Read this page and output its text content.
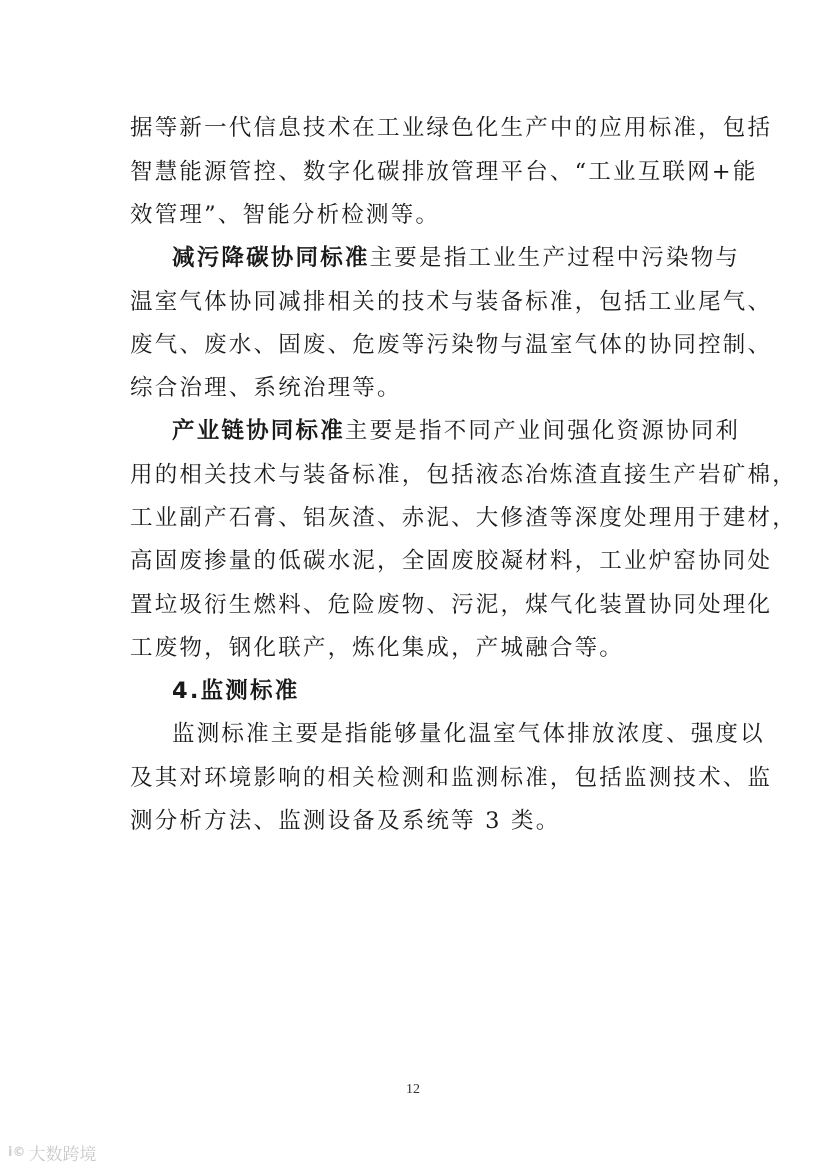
据等新一代信息技术在工业绿色化生产中的应用标准，包括
智慧能源管控、数字化碳排放管理平台、“工业互联网+能
效管理”、智能分析检测等。
减污降碳协同标准主要是指工业生产过程中污染物与
温室气体协同减排相关的技术与装备标准，包括工业尾气、
废气、废水、固废、危废等污染物与温室气体的协同控制、
综合治理、系统治理等。
产业链协同标准主要是指不同产业间强化资源协同利
用的相关技术与装备标准，包括液态冶炼渣直接生产岩矿棉，
工业副产石膏、铝灰渣、赤泥、大修渣等深度处理用于建材，
高固废掺量的低碳水泥，全固废胶凝材料，工业炉窑协同处
置垃圾衍生燃料、危险废物、污泥，煤气化装置协同处理化
工废物，钢化联产，炼化集成，产城融合等。
4.监测标准
监测标准主要是指能够量化温室气体排放浓度、强度以
及其对环境影响的相关检测和监测标准，包括监测技术、监
测分析方法、监测设备及系统等 3 类。
12
i© 大数跨境
